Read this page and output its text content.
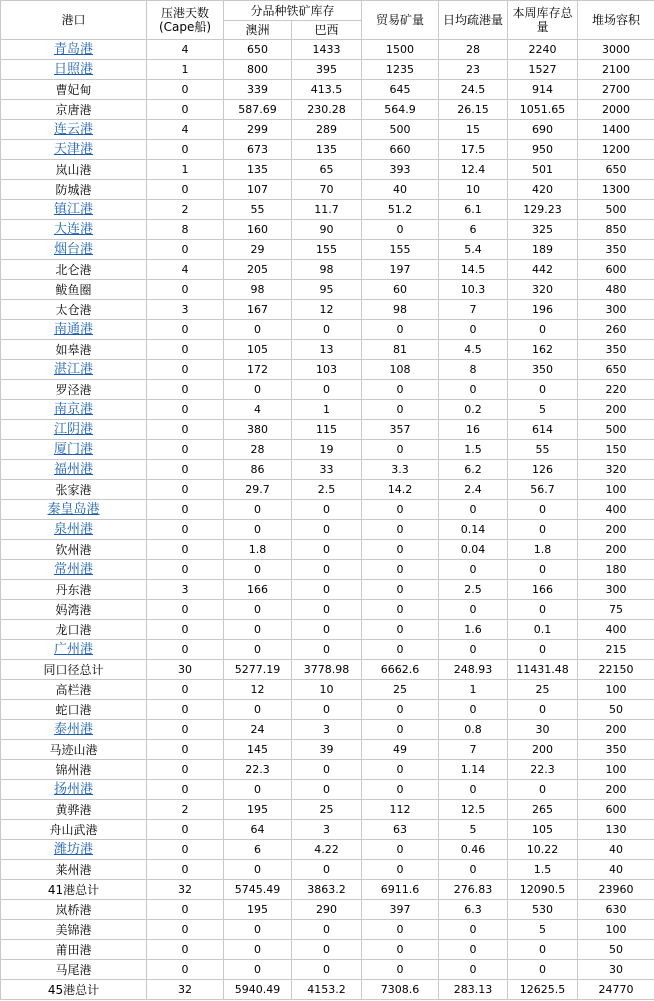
港口	压港天数(Cape船)	分品种铁矿库存		贸易矿量	日均疏港量	本周库存总量	堆场容积
		澳洲	巴西				
青岛港	4	650	1433	1500	28	2240	3000
日照港	1	800	395	1235	23	1527	2100
曹妃甸	0	339	413.5	645	24.5	914	2700
京唐港	0	587.69	230.28	564.9	26.15	1051.65	2000
连云港	4	299	289	500	15	690	1400
天津港	0	673	135	660	17.5	950	1200
岚山港	1	135	65	393	12.4	501	650
防城港	0	107	70	40	10	420	1300
镇江港	2	55	11.7	51.2	6.1	129.23	500
大连港	8	160	90	0	6	325	850
烟台港	0	29	155	155	5.4	189	350
北仑港	4	205	98	197	14.5	442	600
鲅鱼圈	0	98	95	60	10.3	320	480
太仓港	3	167	12	98	7	196	300
南通港	0	0	0	0	0	0	260
如皋港	0	105	13	81	4.5	162	350
湛江港	0	172	103	108	8	350	650
罗泾港	0	0	0	0	0	0	220
南京港	0	4	1	0	0.2	5	200
江阴港	0	380	115	357	16	614	500
厦门港	0	28	19	0	1.5	55	150
福州港	0	86	33	3.3	6.2	126	320
张家港	0	29.7	2.5	14.2	2.4	56.7	100
秦皇岛港	0	0	0	0	0	0	400
泉州港	0	0	0	0	0.14	0	200
钦州港	0	1.8	0	0	0.04	1.8	200
常州港	0	0	0	0	0	0	180
丹东港	3	166	0	0	2.5	166	300
妈湾港	0	0	0	0	0	0	75
龙口港	0	0	0	0	1.6	0.1	400
广州港	0	0	0	0	0	0	215
同口径总计	30	5277.19	3778.98	6662.6	248.93	11431.48	22150
高栏港	0	12	10	25	1	25	100
蛇口港	0	0	0	0	0	0	50
泰州港	0	24	3	0	0.8	30	200
马迹山港	0	145	39	49	7	200	350
锦州港	0	22.3	0	0	1.14	22.3	100
扬州港	0	0	0	0	0	0	200
黄骅港	2	195	25	112	12.5	265	600
舟山武港	0	64	3	63	5	105	130
潍坊港	0	6	4.22	0	0.46	10.22	40
莱州港	0	0	0	0	0	1.5	40
41港总计	32	5745.49	3863.2	6911.6	276.83	12090.5	23960
岚桥港	0	195	290	397	6.3	530	630
美锦港	0	0	0	0	0	5	100
莆田港	0	0	0	0	0	0	50
马尾港	0	0	0	0	0	0	30
45港总计	32	5940.49	4153.2	7308.6	283.13	12625.5	24770
